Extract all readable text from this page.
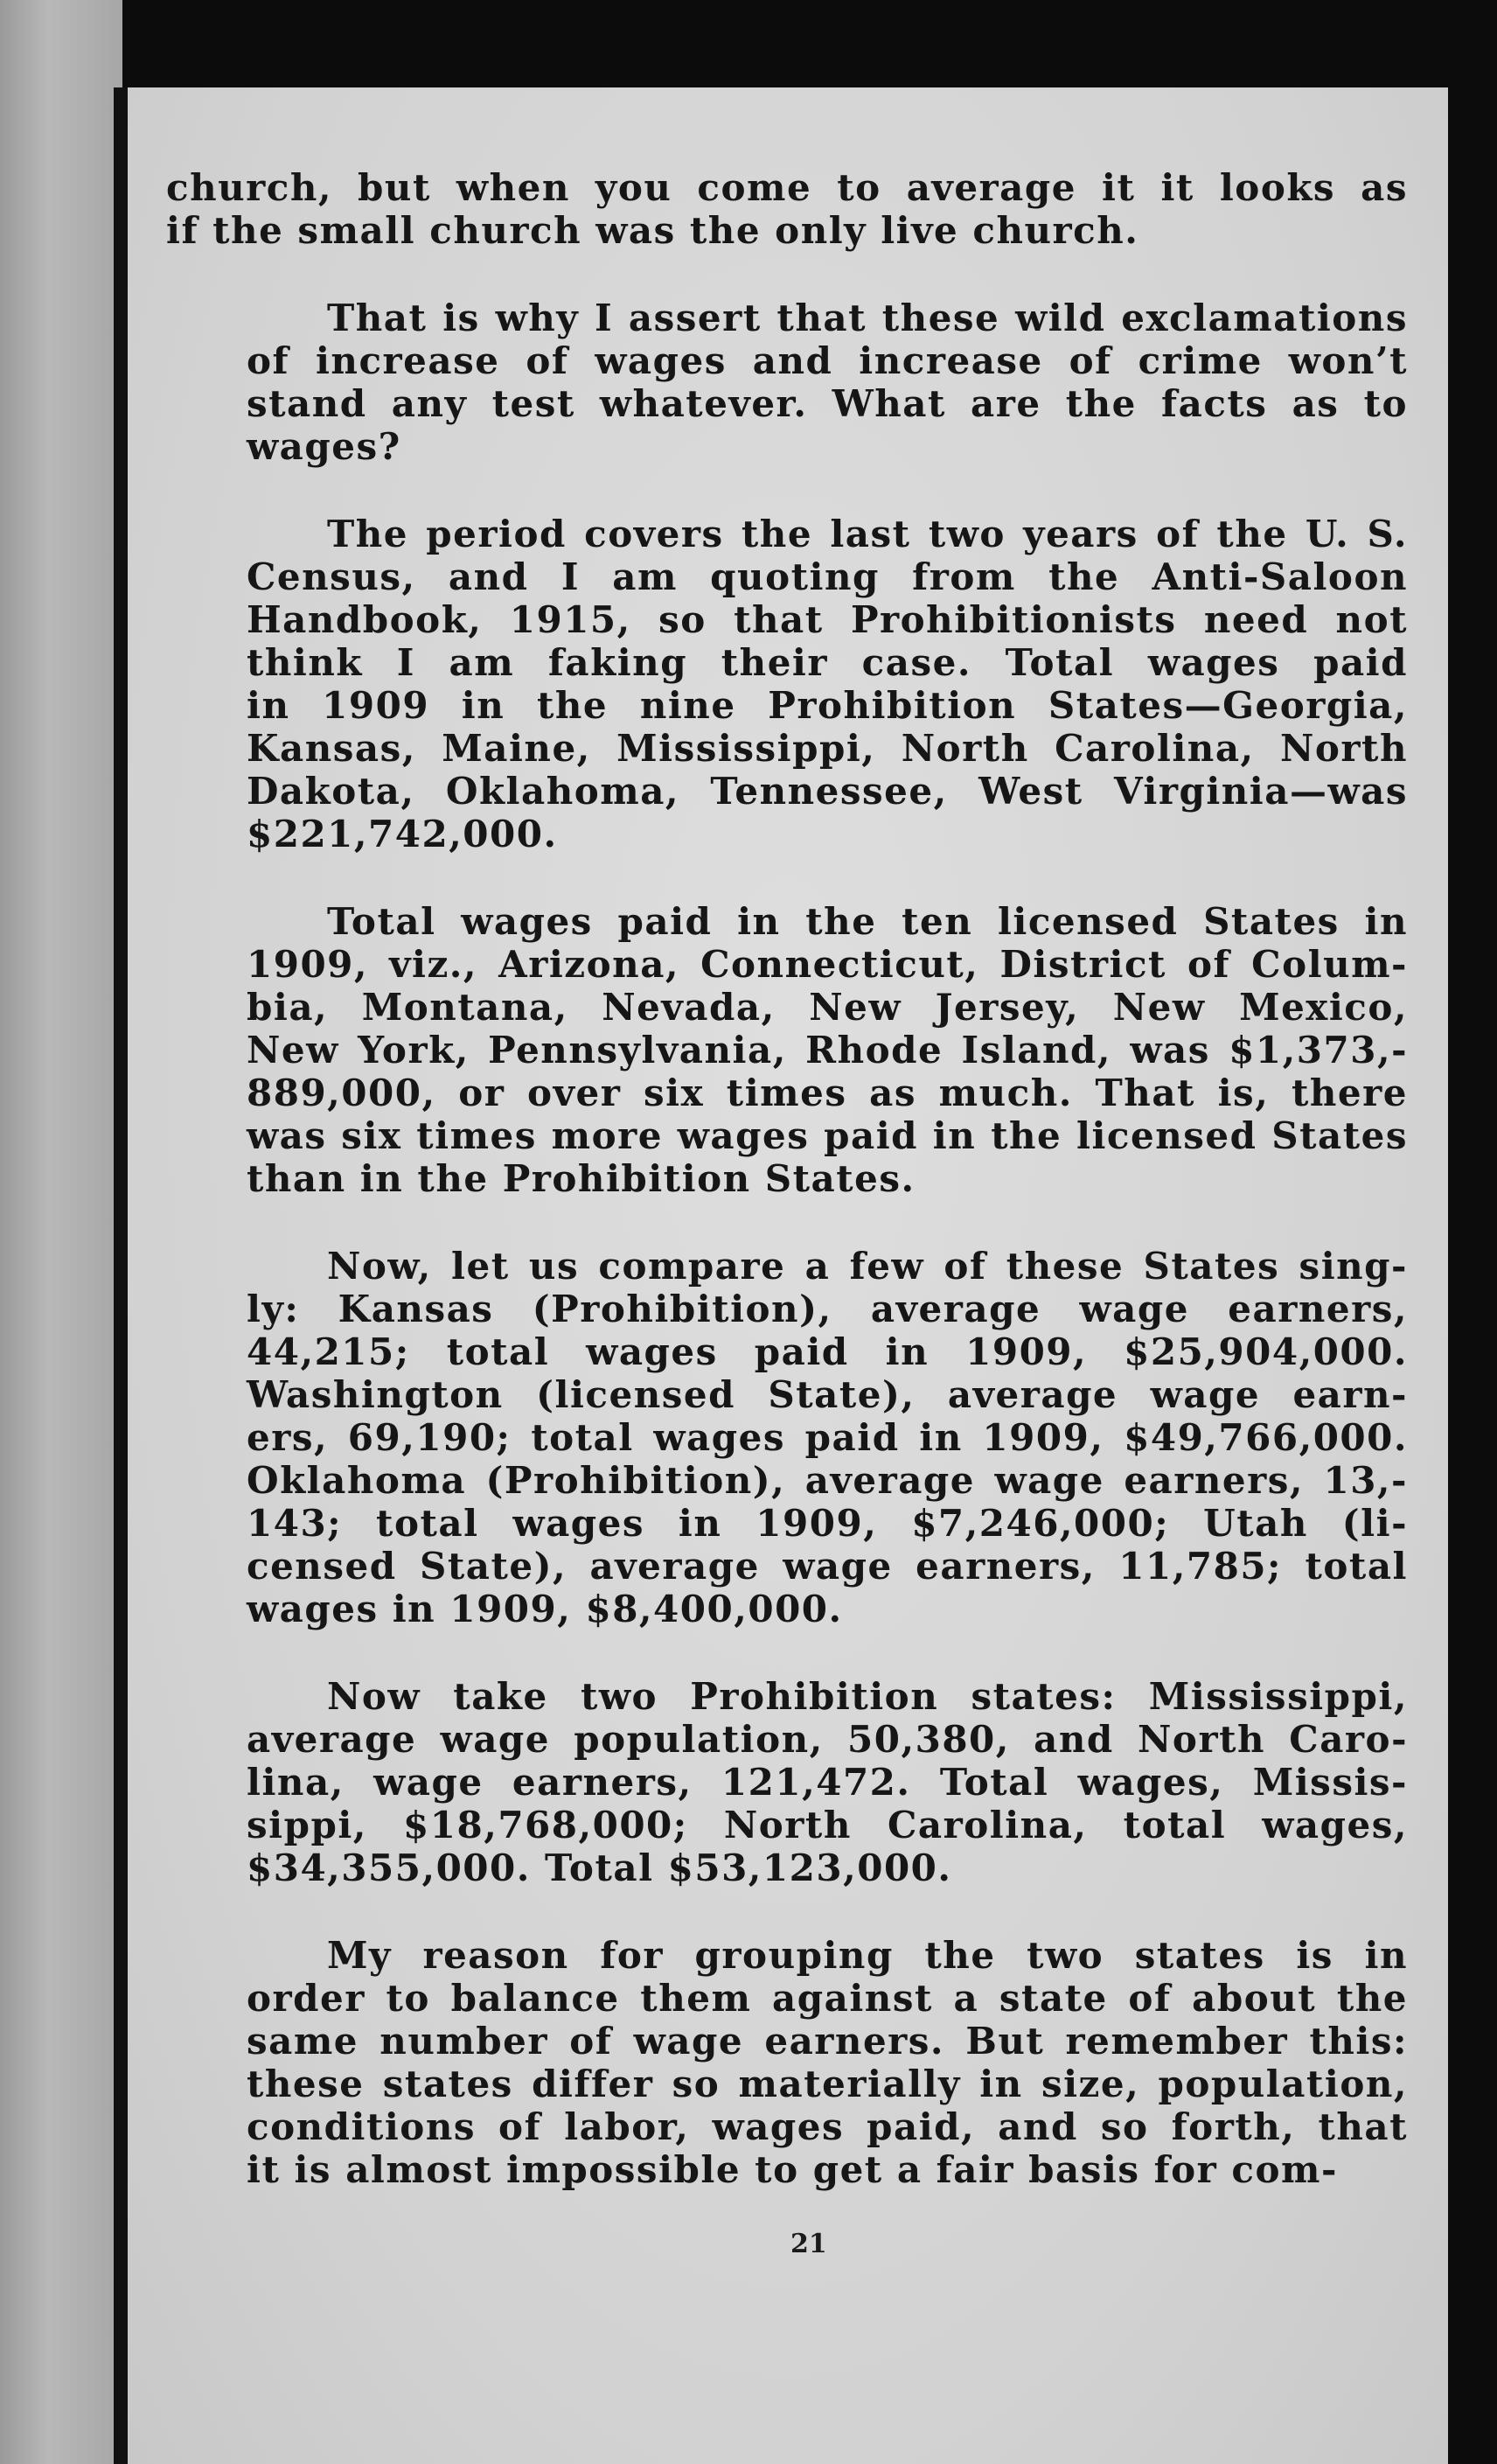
church, but when you come to average it it looks as
if the small church was the only live church.

That is why I assert that these wild exclamations
of increase of wages and increase of crime won’t
stand any test whatever. What are the facts as to
wages?

The period covers the last two years of the U. S.
Census, and I am quoting from the Anti-Saloon
Handbook, 1915, so that Prohibitionists need not
think I am faking their case. Total wages paid
in 1909 in the nine Prohibition States—Georgia,
Kansas, Maine, Mississippi, North Carolina, North
Dakota, Oklahoma, Tennessee, West Virginia—was
$221,742,000.

Total wages paid in the ten licensed States in
1909, viz., Arizona, Connecticut, District of Colum-
bia, Montana, Nevada, New Jersey, New Mexico,
New York, Pennsylvania, Rhode Island, was $1,373,-
889,000, or over six times as much. That is, there
was six times more wages paid in the licensed States
than in the Prohibition States.

Now, let us compare a few of these States sing-
ly: Kansas (Prohibition), average wage earners,
44,215; total wages paid in 1909, $25,904,000.
Washington (licensed State), average wage earn-
ers, 69,190; total wages paid in 1909, $49,766,000.
Oklahoma (Prohibition), average wage earners, 13,-
143; total wages in 1909, $7,246,000; Utah (li-
censed State), average wage earners, 11,785; total
wages in 1909, $8,400,000.

Now take two Prohibition states: Mississippi,
average wage population, 50,380, and North Caro-
lina, wage earners, 121,472. Total wages, Missis-
sippi, $18,768,000; North Carolina, total wages,
$34,355,000. Total $53,123,000.

My reason for grouping the two states is in
order to balance them against a state of about the
same number of wage earners. But remember this:
these states differ so materially in size, population,
conditions of labor, wages paid, and so forth, that
it is almost impossible to get a fair basis for com-

21
